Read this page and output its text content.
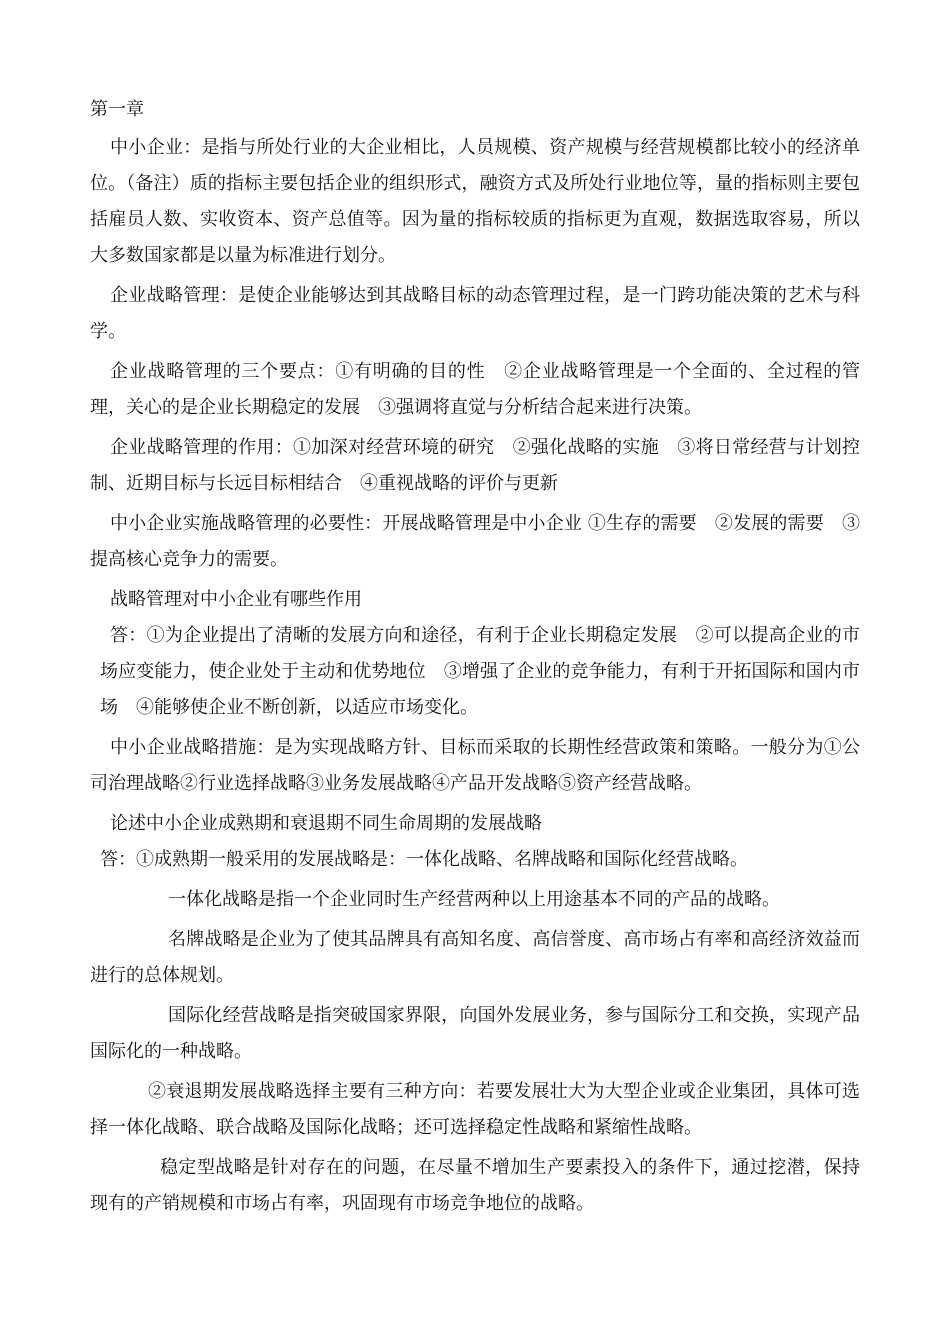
第一章

中小企业：是指与所处行业的大企业相比，人员规模、资产规模与经营规模都比较小的经济单位。（备注）质的指标主要包括企业的组织形式，融资方式及所处行业地位等，量的指标则主要包括雇员人数、实收资本、资产总值等。因为量的指标较质的指标更为直观，数据选取容易，所以大多数国家都是以量为标准进行划分。

企业战略管理：是使企业能够达到其战略目标的动态管理过程，是一门跨功能决策的艺术与科学。

企业战略管理的三个要点：①有明确的目的性　②企业战略管理是一个全面的、全过程的管理，关心的是企业长期稳定的发展　③强调将直觉与分析结合起来进行决策。

企业战略管理的作用：①加深对经营环境的研究　②强化战略的实施　③将日常经营与计划控制、近期目标与长远目标相结合　④重视战略的评价与更新

中小企业实施战略管理的必要性：开展战略管理是中小企业 ①生存的需要　②发展的需要　③提高核心竞争力的需要。

战略管理对中小企业有哪些作用

答：①为企业提出了清晰的发展方向和途径，有利于企业长期稳定发展　②可以提高企业的市场应变能力，使企业处于主动和优势地位　③增强了企业的竞争能力，有利于开拓国际和国内市场　④能够使企业不断创新，以适应市场变化。

中小企业战略措施：是为实现战略方针、目标而采取的长期性经营政策和策略。一般分为①公司治理战略②行业选择战略③业务发展战略④产品开发战略⑤资产经营战略。

论述中小企业成熟期和衰退期不同生命周期的发展战略

答：①成熟期一般采用的发展战略是：一体化战略、名牌战略和国际化经营战略。

一体化战略是指一个企业同时生产经营两种以上用途基本不同的产品的战略。

名牌战略是企业为了使其品牌具有高知名度、高信誉度、高市场占有率和高经济效益而进行的总体规划。

国际化经营战略是指突破国家界限，向国外发展业务，参与国际分工和交换，实现产品国际化的一种战略。

②衰退期发展战略选择主要有三种方向：若要发展壮大为大型企业或企业集团，具体可选择一体化战略、联合战略及国际化战略；还可选择稳定性战略和紧缩性战略。

稳定型战略是针对存在的问题，在尽量不增加生产要素投入的条件下，通过挖潜，保持现有的产销规模和市场占有率，巩固现有市场竞争地位的战略。
